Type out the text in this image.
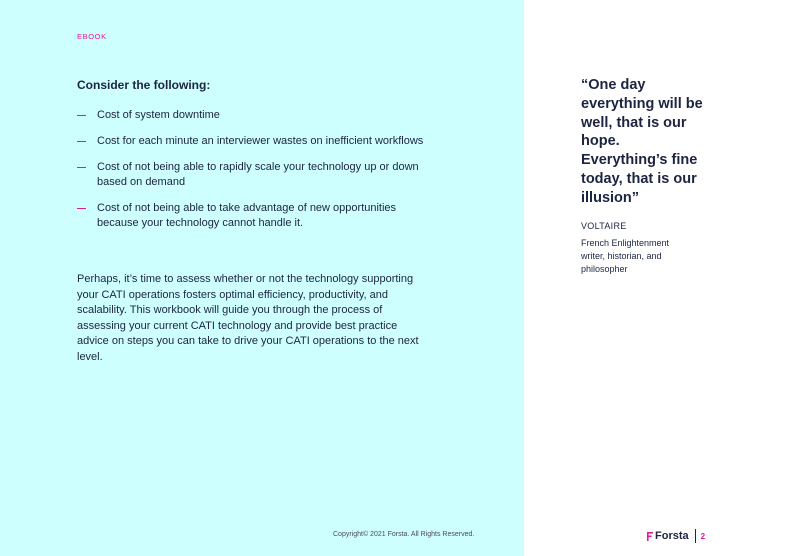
EBOOK
Consider the following:
Cost of system downtime
Cost for each minute an interviewer wastes on inefficient workflows
Cost of not being able to rapidly scale your technology up or down based on demand
Cost of not being able to take advantage of new opportunities because your technology cannot handle it.

Perhaps, it’s time to assess whether or not the technology supporting your CATI operations fosters optimal efficiency, productivity, and scalability. This workbook will guide you through the process of assessing your current CATI technology and provide best practice advice on steps you can take to drive your CATI operations to the next level.

Copyright© 2021 Forsta. All Rights Reserved.

“One day everything will be well, that is our hope. Everything’s fine today, that is our illusion”

VOLTAIRE

French Enlightenment writer, historian, and philosopher

Forsta 2
